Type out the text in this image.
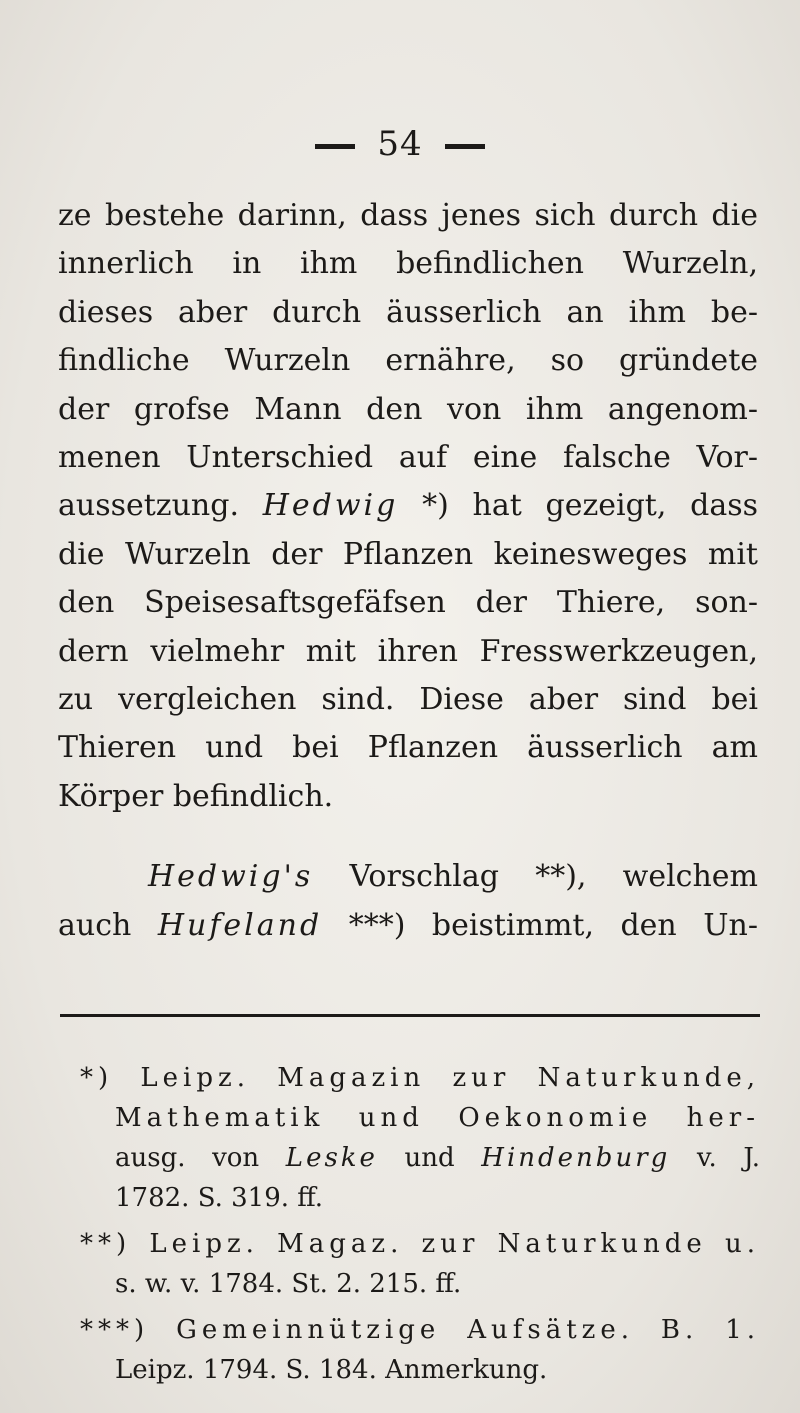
54
ze bestehe darinn, dass jenes sich durch die
innerlich in ihm befindlichen Wurzeln,
dieses aber durch äusserlich an ihm be-
findliche Wurzeln ernähre, so gründete
der grofse Mann den von ihm angenom-
menen Unterschied auf eine falsche Vor-
aussetzung. Hedwig *) hat gezeigt, dass
die Wurzeln der Pflanzen keinesweges mit
den Speisesaftsgefäfsen der Thiere, son-
dern vielmehr mit ihren Fresswerkzeugen,
zu vergleichen sind. Diese aber sind bei
Thieren und bei Pflanzen äusserlich am
Körper befindlich.
Hedwig's Vorschlag **), welchem
auch Hufeland ***) beistimmt, den Un-
*) Leipz. Magazin zur Naturkunde,
Mathematik und Oekonomie her-
ausg. von Leske und Hindenburg v. J.
1782. S. 319. ff.
**) Leipz. Magaz. zur Naturkunde u.
s. w. v. 1784. St. 2. 215. ff.
***) Gemeinnützige Aufsätze. B. 1.
Leipz. 1794. S. 184. Anmerkung.
